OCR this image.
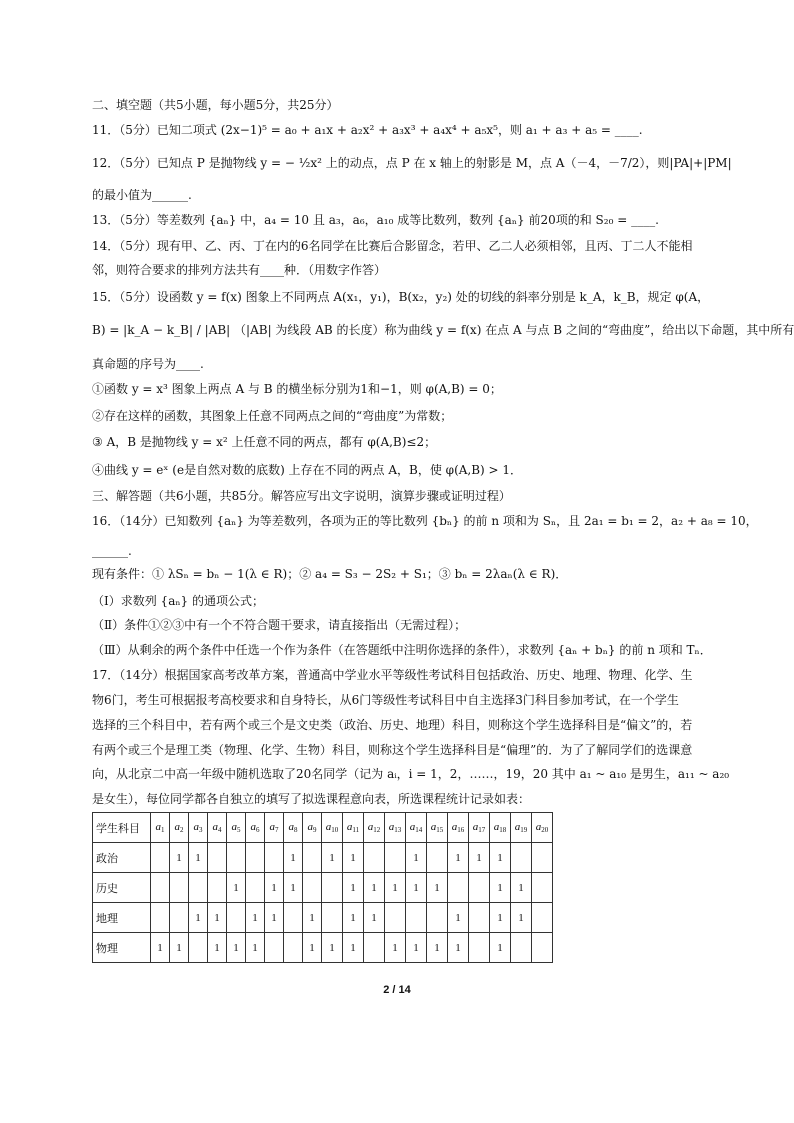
二、填空题（共5小题，每小题5分，共25分）
11．（5分）已知二项式 (2x−1)⁵ = a₀ + a₁x + a₂x² + a₃x³ + a₄x⁴ + a₅x⁵，则 a₁ + a₃ + a₅ = ____.
12．（5分）已知点 P 是抛物线 y = − ½x² 上的动点，点 P 在 x 轴上的射影是 M，点 A（－4，－7/2），则|PA|+|PM|
的最小值为______.
13．（5分）等差数列 {aₙ} 中，a₄ = 10 且 a₃，a₆，a₁₀ 成等比数列，数列 {aₙ} 前20项的和 S₂₀ = ____.
14．（5分）现有甲、乙、丙、丁在内的6名同学在比赛后合影留念，若甲、乙二人必须相邻，且丙、丁二人不能相
邻，则符合要求的排列方法共有____种．（用数字作答）
15．（5分）设函数 y = f(x) 图象上不同两点 A(x₁，y₁)，B(x₂，y₂) 处的切线的斜率分别是 k_A，k_B，规定 φ(A，
B) = |k_A − k_B| / |AB| （|AB| 为线段 AB 的长度）称为曲线 y = f(x) 在点 A 与点 B 之间的“弯曲度”，给出以下命题，其中所有
真命题的序号为____.
①函数 y = x³ 图象上两点 A 与 B 的横坐标分别为1和−1，则 φ(A,B) = 0；
②存在这样的函数，其图象上任意不同两点之间的“弯曲度”为常数；
③ A，B 是抛物线 y = x² 上任意不同的两点，都有 φ(A,B)≤2；
④曲线 y = eˣ (e是自然对数的底数) 上存在不同的两点 A，B，使 φ(A,B) > 1．
三、解答题（共6小题，共85分。解答应写出文字说明，演算步骤或证明过程）
16．（14分）已知数列 {aₙ} 为等差数列，各项为正的等比数列 {bₙ} 的前 n 项和为 Sₙ，且 2a₁ = b₁ = 2，a₂ + a₈ = 10，
______.
现有条件：① λSₙ = bₙ − 1(λ ∈ R)；② a₄ = S₃ − 2S₂ + S₁；③ bₙ = 2λaₙ(λ ∈ R)．
（Ⅰ）求数列 {aₙ} 的通项公式；
（Ⅱ）条件①②③中有一个不符合题干要求，请直接指出（无需过程）；
（Ⅲ）从剩余的两个条件中任选一个作为条件（在答题纸中注明你选择的条件），求数列 {aₙ + bₙ} 的前 n 项和 Tₙ．
17．（14分）根据国家高考改革方案，普通高中学业水平等级性考试科目包括政治、历史、地理、物理、化学、生
物6门，考生可根据报考高校要求和自身特长，从6门等级性考试科目中自主选择3门科目参加考试，在一个学生
选择的三个科目中，若有两个或三个是文史类（政治、历史、地理）科目，则称这个学生选择科目是“偏文”的，若
有两个或三个是理工类（物理、化学、生物）科目，则称这个学生选择科目是“偏理”的．为了了解同学们的选课意
向，从北京二中高一年级中随机选取了20名同学（记为 aᵢ，i = 1，2，……，19，20 其中 a₁ ~ a₁₀ 是男生，a₁₁ ~ a₂₀
是女生），每位同学都各自独立的填写了拟选课程意向表，所选课程统计记录如表：
学生科目	$a_1$	$a_2$	$a_3$	$a_4$	$a_5$	$a_6$	$a_7$	$a_8$	$a_9$	$a_{10}$	$a_{11}$	$a_{12}$	$a_{13}$	$a_{14}$	$a_{15}$	$a_{16}$	$a_{17}$	$a_{18}$	$a_{19}$	$a_{20}$
政治		1	1					1		1	1			1		1	1	1		
历史					1		1	1			1	1	1	1	1			1	1	
地理			1	1		1	1		1		1	1				1		1	1	
物理	1	1		1	1	1			1	1	1		1	1	1	1		1		
2 / 14
